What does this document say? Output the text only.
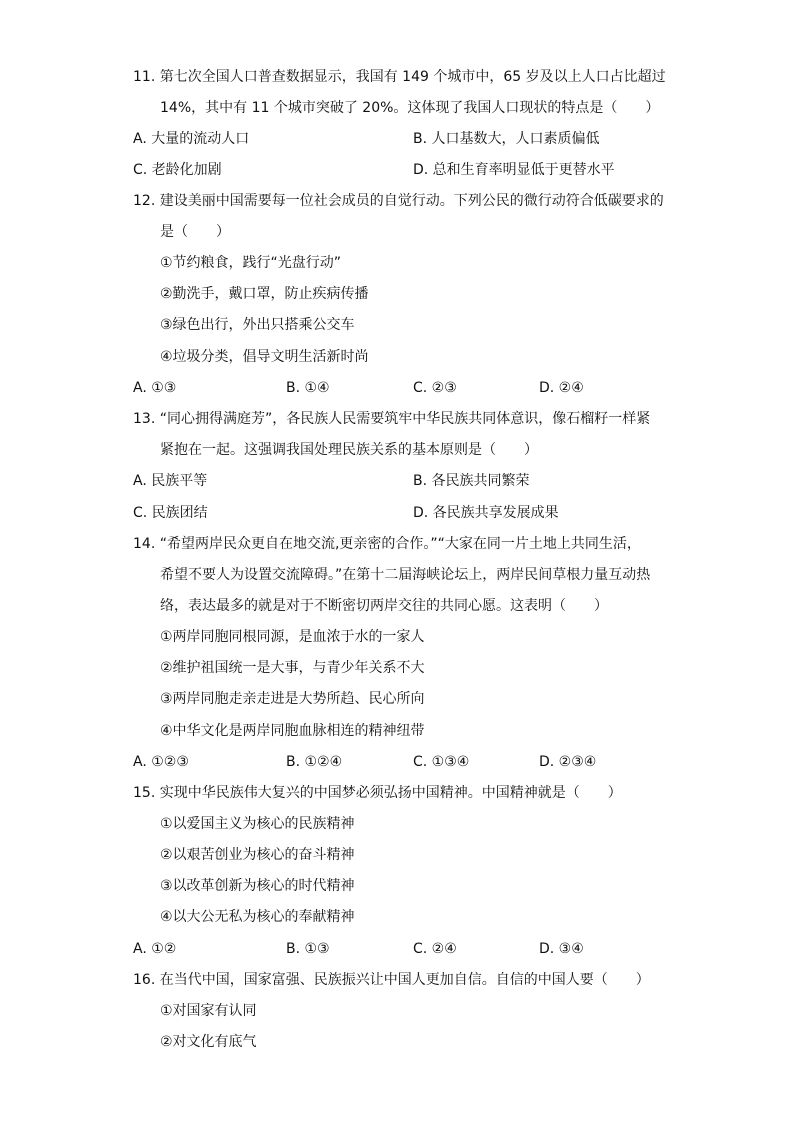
11. 第七次全国人口普查数据显示，我国有 149 个城市中，65 岁及以上人口占比超过
14%，其中有 11 个城市突破了 20%。这体现了我国人口现状的特点是（　　）
A. 大量的流动人口	B. 人口基数大，人口素质偏低
C. 老龄化加剧	D. 总和生育率明显低于更替水平
12. 建设美丽中国需要每一位社会成员的自觉行动。下列公民的微行动符合低碳要求的
是（　　）
①节约粮食，践行“光盘行动”
②勤洗手，戴口罩，防止疾病传播
③绿色出行，外出只搭乘公交车
④垃圾分类，倡导文明生活新时尚
A. ①③	B. ①④	C. ②③	D. ②④
13. “同心拥得满庭芳”，各民族人民需要筑牢中华民族共同体意识，像石榴籽一样紧
紧抱在一起。这强调我国处理民族关系的基本原则是（　　）
A. 民族平等	B. 各民族共同繁荣
C. 民族团结	D. 各民族共享发展成果
14. “希望两岸民众更自在地交流,更亲密的合作。”“大家在同一片土地上共同生活，
希望不要人为设置交流障碍。”在第十二届海峡论坛上，两岸民间草根力量互动热
络，表达最多的就是对于不断密切两岸交往的共同心愿。这表明（　　）
①两岸同胞同根同源，是血浓于水的一家人
②维护祖国统一是大事，与青少年关系不大
③两岸同胞走亲走进是大势所趋、民心所向
④中华文化是两岸同胞血脉相连的精神纽带
A. ①②③	B. ①②④	C. ①③④	D. ②③④
15. 实现中华民族伟大复兴的中国梦必须弘扬中国精神。中国精神就是（　　）
①以爱国主义为核心的民族精神
②以艰苦创业为核心的奋斗精神
③以改革创新为核心的时代精神
④以大公无私为核心的奉献精神
A. ①②	B. ①③	C. ②④	D. ③④
16. 在当代中国，国家富强、民族振兴让中国人更加自信。自信的中国人要（　　）
①对国家有认同
②对文化有底气
